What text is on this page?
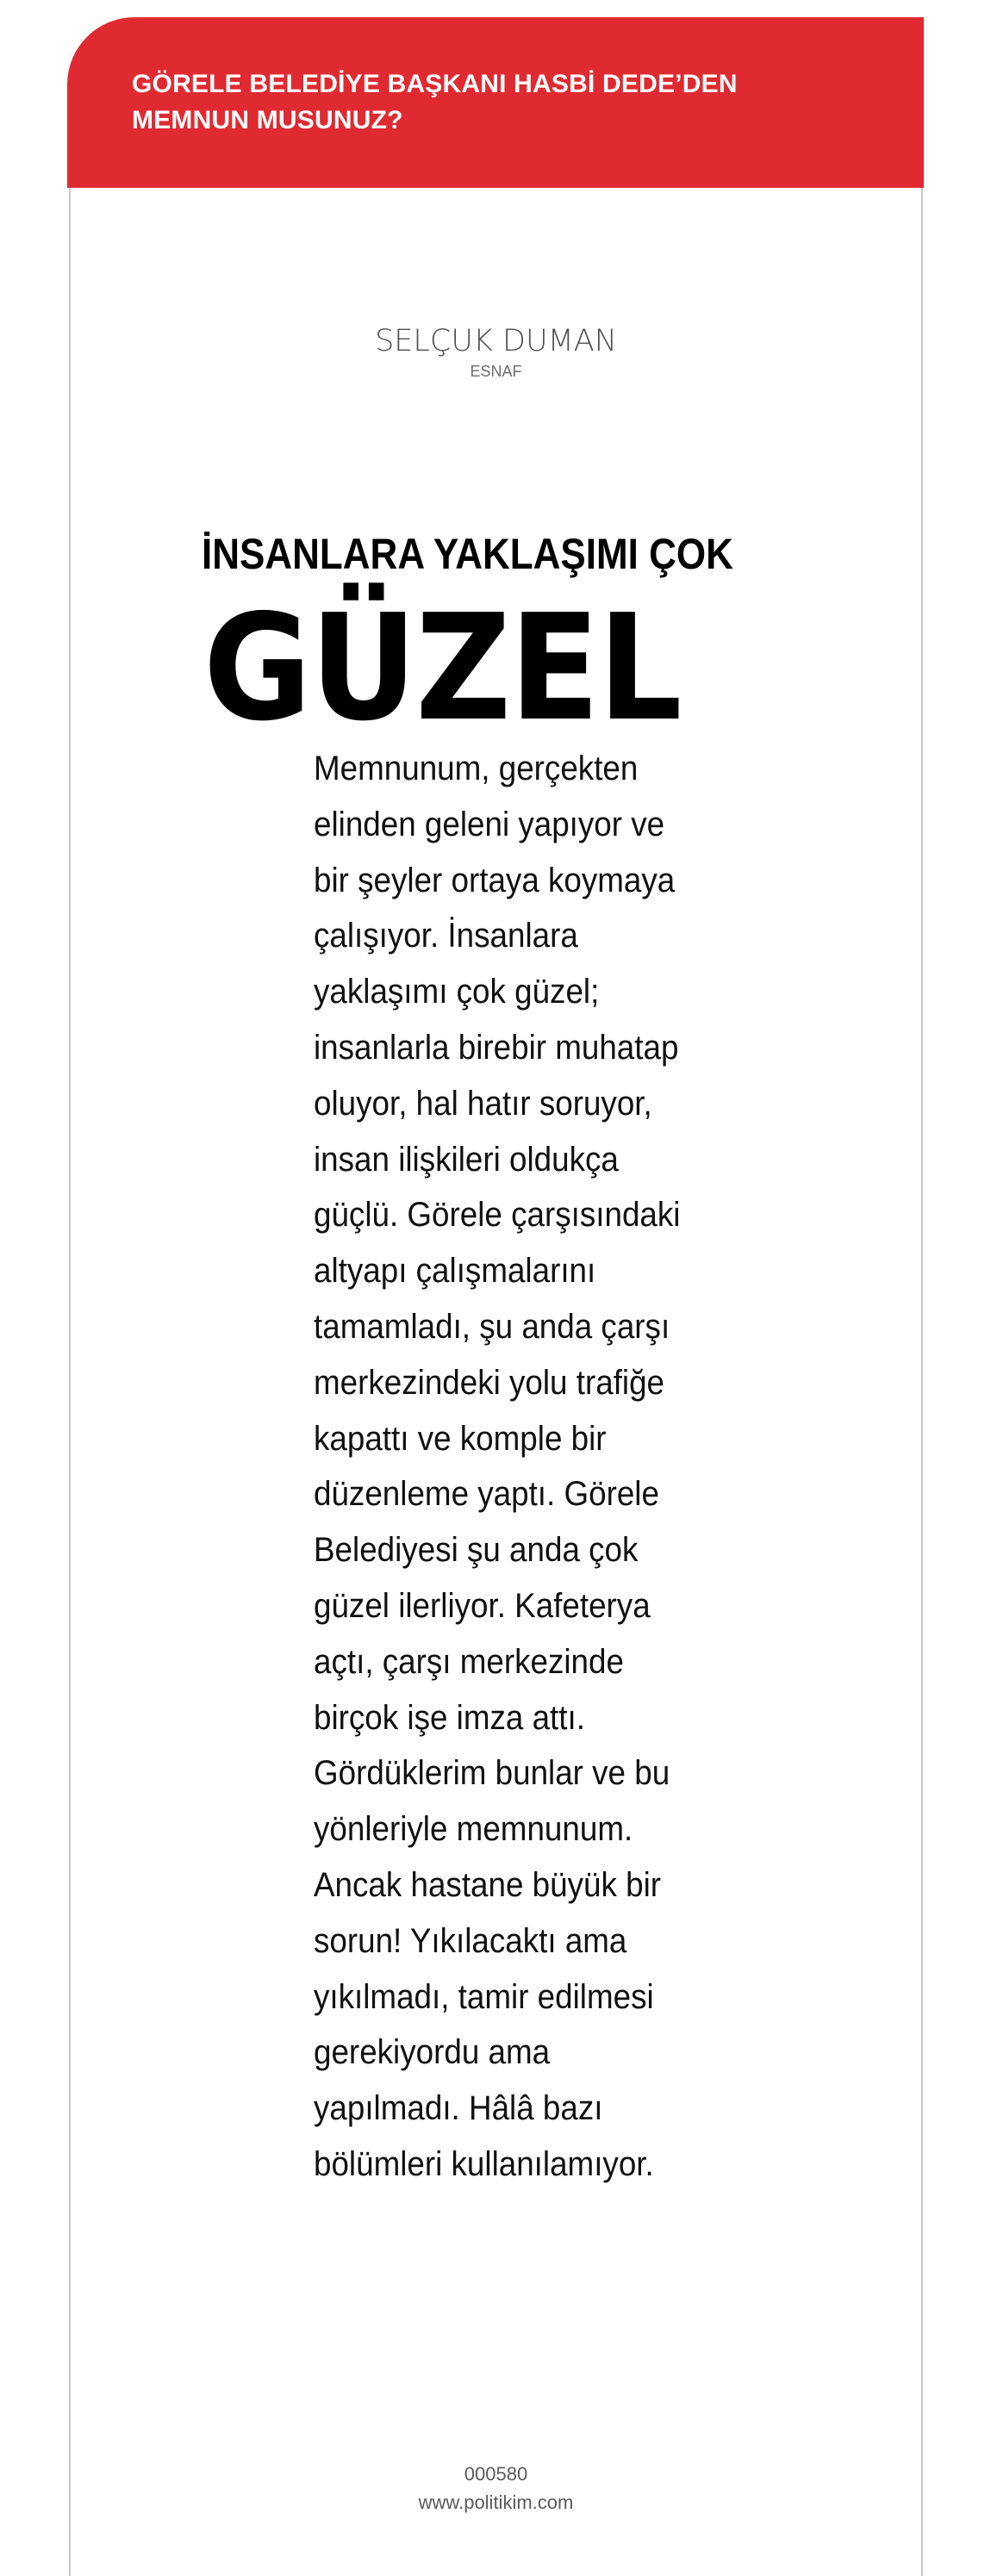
GÖRELE BELEDİYE BAŞKANI HASBİ DEDE’DEN
MEMNUN MUSUNUZ?
SELÇUK DUMAN
ESNAF
İNSANLARA YAKLAŞIMI ÇOK
GÜZEL
Memnunum, gerçekten
elinden geleni yapıyor ve
bir şeyler ortaya koymaya
çalışıyor. İnsanlara
yaklaşımı çok güzel;
insanlarla birebir muhatap
oluyor, hal hatır soruyor,
insan ilişkileri oldukça
güçlü. Görele çarşısındaki
altyapı çalışmalarını
tamamladı, şu anda çarşı
merkezindeki yolu trafiğe
kapattı ve komple bir
düzenleme yaptı. Görele
Belediyesi şu anda çok
güzel ilerliyor. Kafeterya
açtı, çarşı merkezinde
birçok işe imza attı.
Gördüklerim bunlar ve bu
yönleriyle memnunum.
Ancak hastane büyük bir
sorun! Yıkılacaktı ama
yıkılmadı, tamir edilmesi
gerekiyordu ama
yapılmadı. Hâlâ bazı
bölümleri kullanılamıyor.
000580
www.politikim.com
